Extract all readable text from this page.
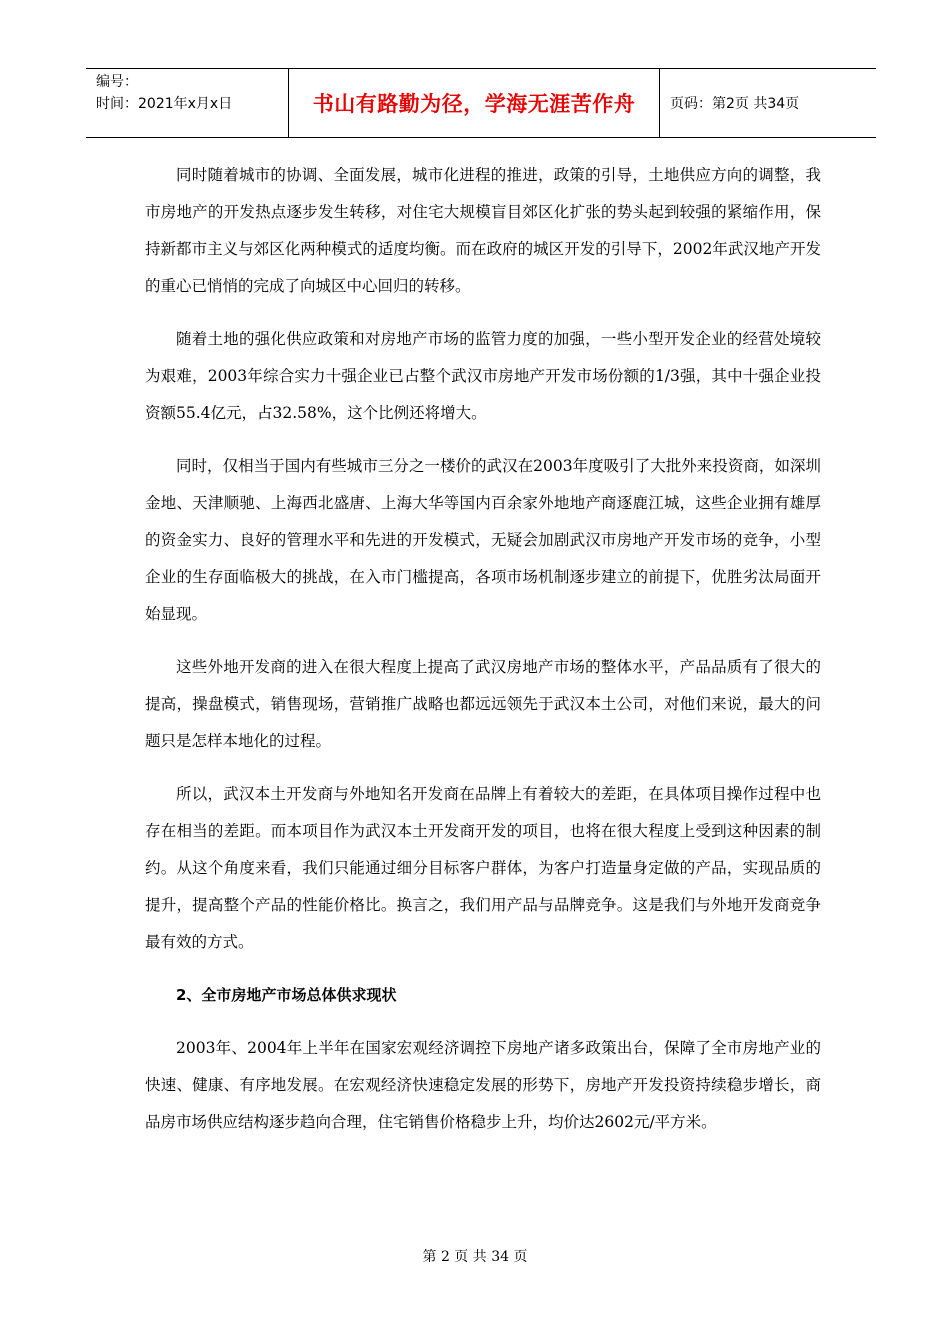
编号：
时间：2021年x月x日	书山有路勤为径，学海无涯苦作舟 页码：第2页 共34页

同时随着城市的协调、全面发展，城市化进程的推进，政策的引导，土地供应方向的调整，我市房地产的开发热点逐步发生转移，对住宅大规模盲目郊区化扩张的势头起到较强的紧缩作用，保持新都市主义与郊区化两种模式的适度均衡。而在政府的城区开发的引导下，2002年武汉地产开发的重心已悄悄的完成了向城区中心回归的转移。

随着土地的强化供应政策和对房地产市场的监管力度的加强，一些小型开发企业的经营处境较为艰难，2003年综合实力十强企业已占整个武汉市房地产开发市场份额的1/3强，其中十强企业投资额55.4亿元，占32.58%，这个比例还将增大。

同时，仅相当于国内有些城市三分之一楼价的武汉在2003年度吸引了大批外来投资商，如深圳金地、天津顺驰、上海西北盛唐、上海大华等国内百余家外地地产商逐鹿江城，这些企业拥有雄厚的资金实力、良好的管理水平和先进的开发模式，无疑会加剧武汉市房地产开发市场的竞争，小型企业的生存面临极大的挑战，在入市门槛提高，各项市场机制逐步建立的前提下，优胜劣汰局面开始显现。

这些外地开发商的进入在很大程度上提高了武汉房地产市场的整体水平，产品品质有了很大的提高，操盘模式，销售现场，营销推广战略也都远远领先于武汉本土公司，对他们来说，最大的问题只是怎样本地化的过程。

所以，武汉本土开发商与外地知名开发商在品牌上有着较大的差距，在具体项目操作过程中也存在相当的差距。而本项目作为武汉本土开发商开发的项目，也将在很大程度上受到这种因素的制约。从这个角度来看，我们只能通过细分目标客户群体，为客户打造量身定做的产品，实现品质的提升，提高整个产品的性能价格比。换言之，我们用产品与品牌竞争。这是我们与外地开发商竞争最有效的方式。

2、全市房地产市场总体供求现状

2003年、2004年上半年在国家宏观经济调控下房地产诸多政策出台，保障了全市房地产业的快速、健康、有序地发展。在宏观经济快速稳定发展的形势下，房地产开发投资持续稳步增长，商品房市场供应结构逐步趋向合理，住宅销售价格稳步上升，均价达2602元/平方米。

第 2 页 共 34 页
